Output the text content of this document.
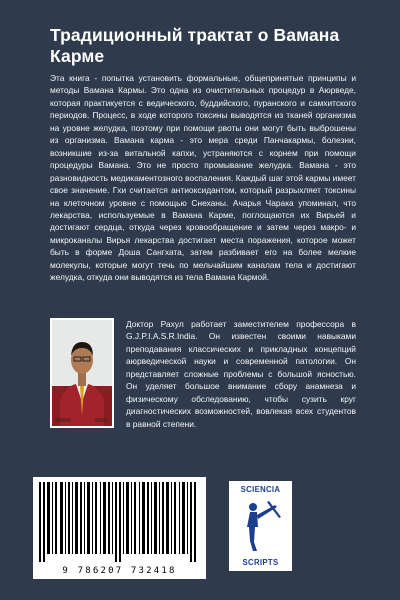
Традиционный трактат о Вамана Карме

Эта книга - попытка установить формальные, общепринятые принципы и методы Вамана Кармы. Это одна из очистительных процедур в Аюрведе, которая практикуется с ведического, буддийского, пуранского и самхитского периодов. Процесс, в ходе которого токсины выводятся из тканей организма на уровне желудка, поэтому при помощи рвоты они могут быть выброшены из организма. Вамана карма - это мера среди Панчакармы, болезни, возникшие из-за витальной капхи, устраняются с корнем при помощи процедуры Вамана. Это не просто промывание желудка. Вамана - это разновидность медикаментозного воспаления. Каждый шаг этой кармы имеет свое значение. Гхи считается антиоксидантом, который разрыхляет токсины на клеточном уровне с помощью Снеханы. Ачарья Чарака упоминал, что лекарства, используемые в Вамана Карме, поглощаются их Вирьей и достигают сердца, откуда через кровообращение и затем через макро- и микроканалы Вирья лекарства достигает места поражения, которое может быть в форме Доша Сангхата, затем разбивает его на более мелкие молекулы, которые могут течь по мельчайшим каналам тела и достигают желудка, откуда они выводятся из тела Вамана Кармой.

Доктор Рахул работает заместителем профессора в G.J.P.I.A.S.R.India. Он известен своими навыками преподавания классических и прикладных концепций аюрведической науки и современной патологии. Он представляет сложные проблемы с большой ясностью. Он уделяет большое внимание сбору анамнеза и физическому обследованию, чтобы сузить круг диагностических возможностей, вовлекая всех студентов в равной степени.

9 786207 732418
SCIENCIA
SCRIPTS
